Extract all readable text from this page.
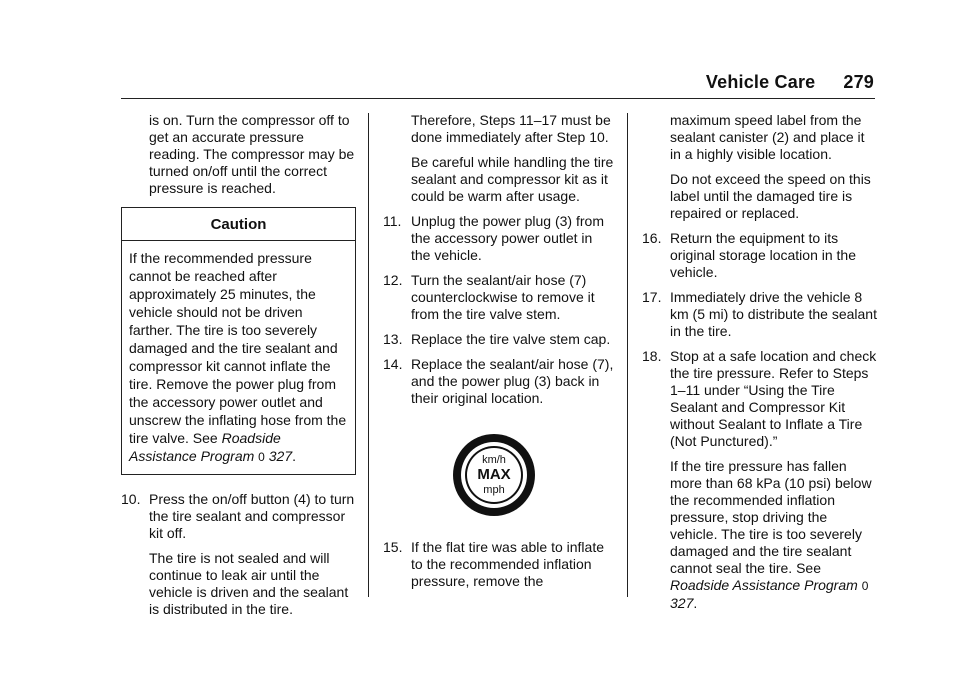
Vehicle Care 279

is on. Turn the compressor off to get an accurate pressure reading. The compressor may be turned on/off until the correct pressure is reached.

Caution
If the recommended pressure cannot be reached after approximately 25 minutes, the vehicle should not be driven farther. The tire is too severely damaged and the tire sealant and compressor kit cannot inflate the tire. Remove the power plug from the accessory power outlet and unscrew the inflating hose from the tire valve. See Roadside Assistance Program 0 327.
10. Press the on/off button (4) to turn the tire sealant and compressor kit off.

The tire is not sealed and will continue to leak air until the vehicle is driven and the sealant is distributed in the tire.

Therefore, Steps 11–17 must be done immediately after Step 10.

Be careful while handling the tire sealant and compressor kit as it could be warm after usage.

11. Unplug the power plug (3) from the accessory power outlet in the vehicle.
12. Turn the sealant/air hose (7) counterclockwise to remove it from the tire valve stem.
13. Replace the tire valve stem cap.
14. Replace the sealant/air hose (7), and the power plug (3) back in their original location.
km/h
MAX
mph
15. If the flat tire was able to inflate to the recommended inflation pressure, remove the

maximum speed label from the sealant canister (2) and place it in a highly visible location.

Do not exceed the speed on this label until the damaged tire is repaired or replaced.

16. Return the equipment to its original storage location in the vehicle.
17. Immediately drive the vehicle 8 km (5 mi) to distribute the sealant in the tire.
18. Stop at a safe location and check the tire pressure. Refer to Steps 1–11 under “Using the Tire Sealant and Compressor Kit without Sealant to Inflate a Tire (Not Punctured).”

If the tire pressure has fallen more than 68 kPa (10 psi) below the recommended inflation pressure, stop driving the vehicle. The tire is too severely damaged and the tire sealant cannot seal the tire. See Roadside Assistance Program 0 327.
